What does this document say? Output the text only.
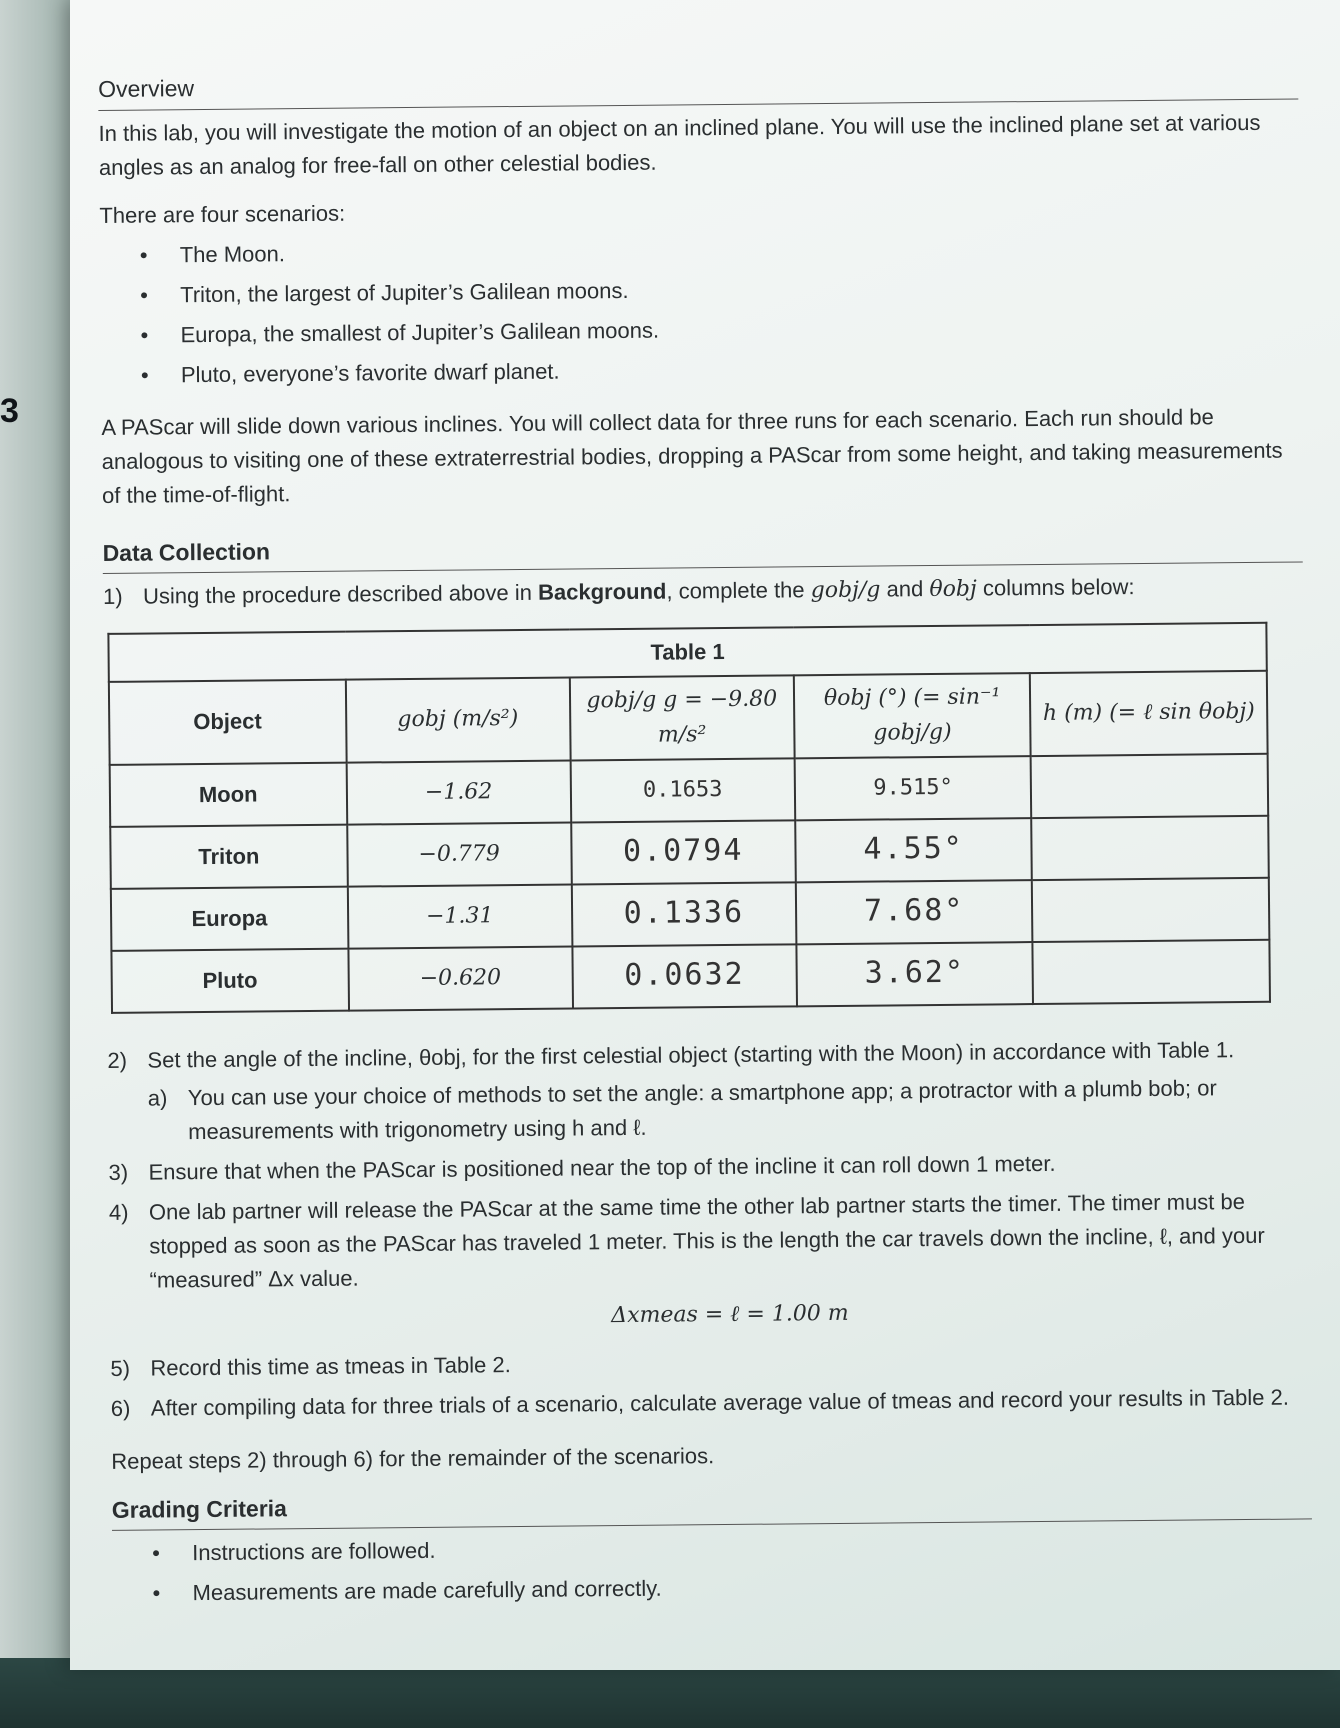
3
Overview

In this lab, you will investigate the motion of an object on an inclined plane. You will use the inclined plane set at various angles as an analog for free-fall on other celestial bodies.

There are four scenarios:

• The Moon.
• Triton, the largest of Jupiter’s Galilean moons.
• Europa, the smallest of Jupiter’s Galilean moons.
• Pluto, everyone’s favorite dwarf planet.

A PAScar will slide down various inclines. You will collect data for three runs for each scenario. Each run should be analogous to visiting one of these extraterrestrial bodies, dropping a PAScar from some height, and taking measurements of the time-of-flight.

Data Collection
1) Using the procedure described above in Background, complete the gobj/g and θobj columns below:
Table 1				
Object	gobj (m/s²)	gobj/g g = −9.80 m/s²	θobj (°) (= sin⁻¹ gobj/g)	h (m) (= ℓ sin θobj)
Moon	−1.62	0.1653	9.515°	
Triton	−0.779	0.0794	4.55°	
Europa	−1.31	0.1336	7.68°	
Pluto	−0.620	0.0632	3.62°	
2) Set the angle of the incline, θobj, for the first celestial object (starting with the Moon) in accordance with Table 1.
a) You can use your choice of methods to set the angle: a smartphone app; a protractor with a plumb bob; or measurements with trigonometry using h and ℓ.
3) Ensure that when the PAScar is positioned near the top of the incline it can roll down 1 meter.
4) One lab partner will release the PAScar at the same time the other lab partner starts the timer. The timer must be stopped as soon as the PAScar has traveled 1 meter. This is the length the car travels down the incline, ℓ, and your “measured” Δx value.
Δxmeas = ℓ = 1.00 m
5) Record this time as tmeas in Table 2.
6) After compiling data for three trials of a scenario, calculate average value of tmeas and record your results in Table 2.

Repeat steps 2) through 6) for the remainder of the scenarios.

Grading Criteria
• Instructions are followed.
• Measurements are made carefully and correctly.
